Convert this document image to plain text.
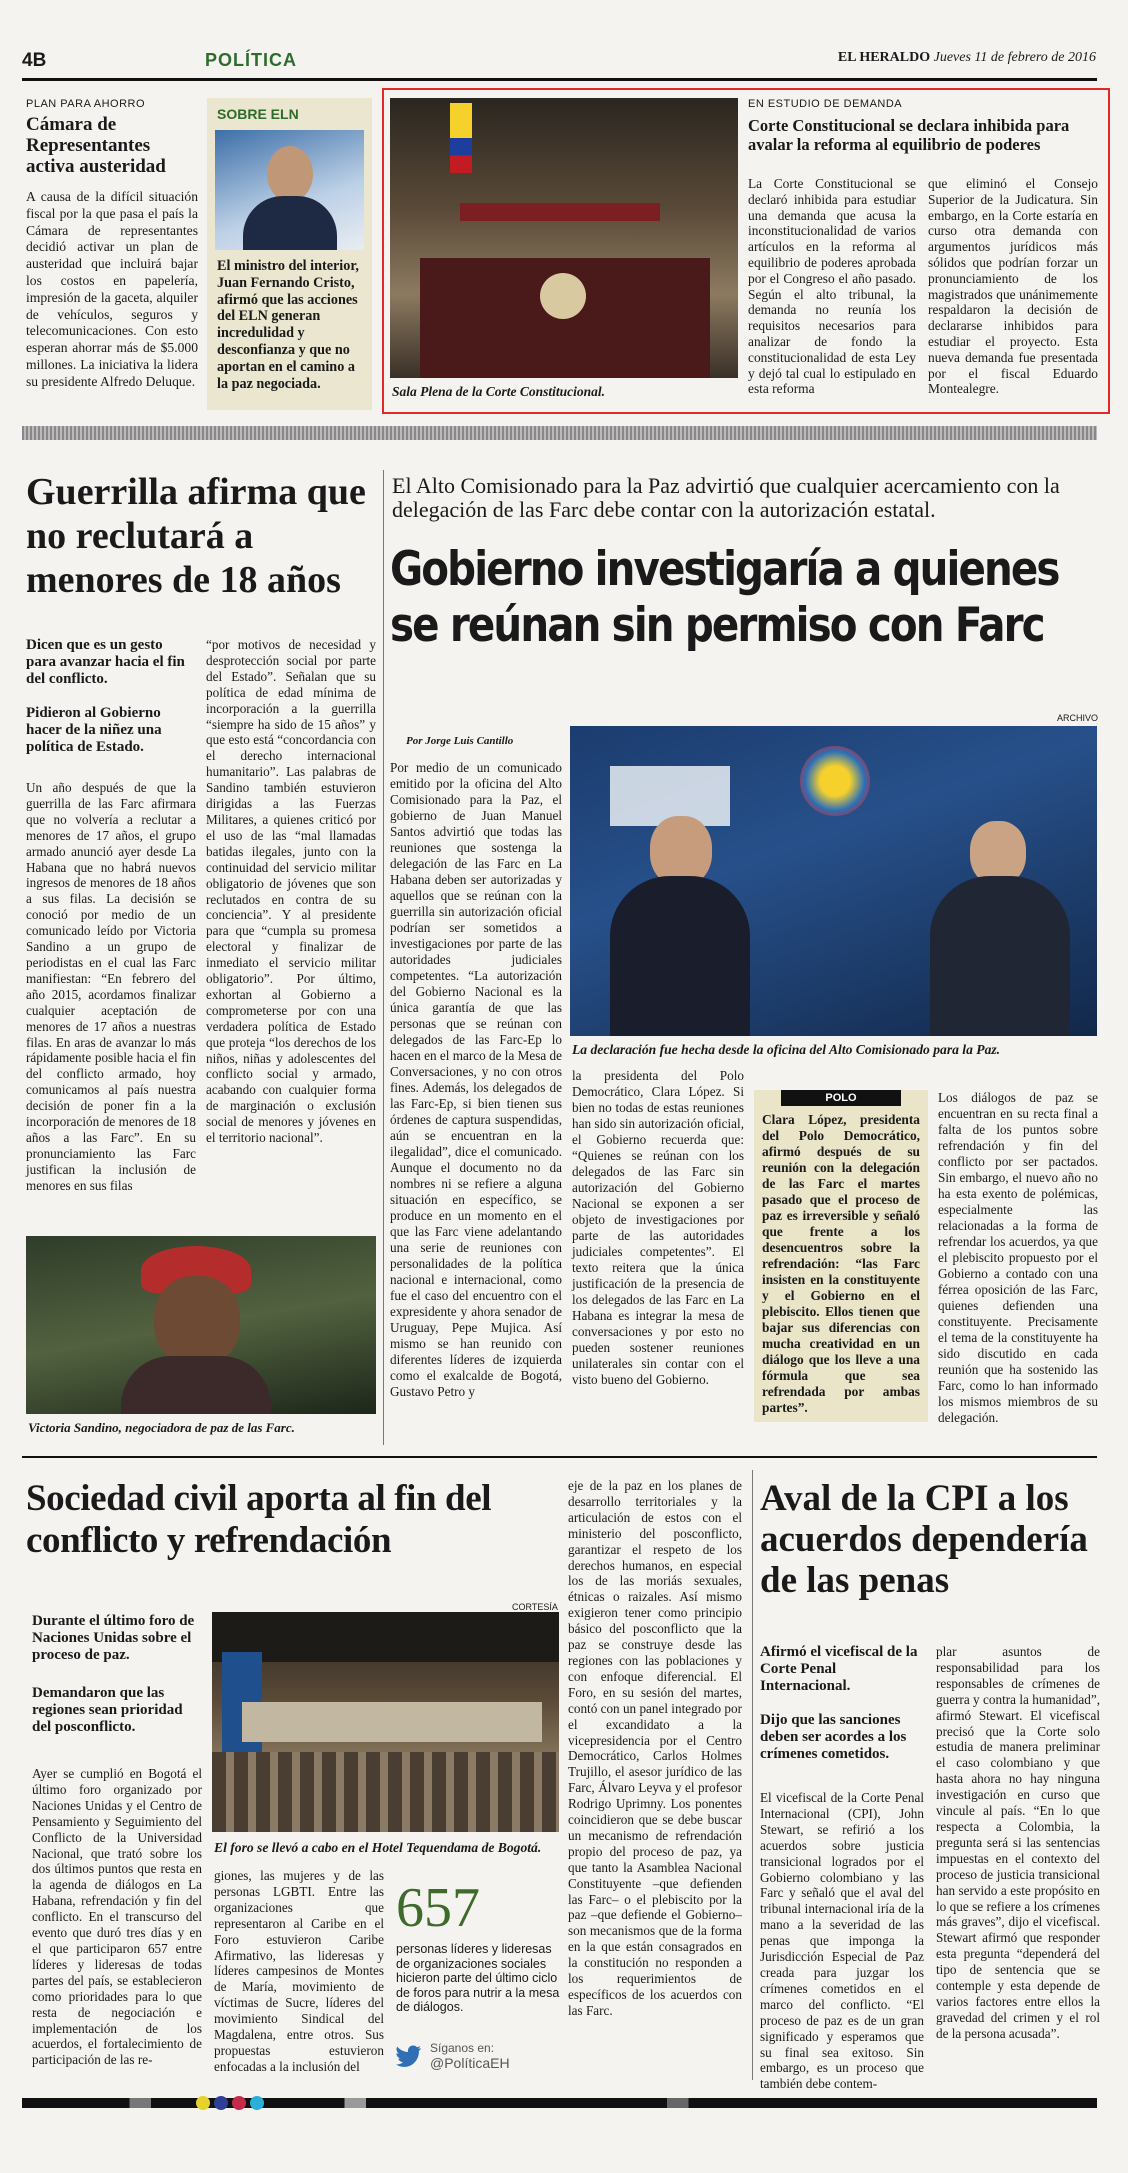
4B	POLÍTICA	EL HERALDO Jueves 11 de febrero de 2016
PLAN PARA AHORRO
Cámara de Representantes activa austeridad
A causa de la difícil situación fiscal por la que pasa el país la Cámara de representantes decidió activar un plan de austeridad que incluirá bajar los costos en papelería, impresión de la gaceta, alquiler de vehículos, seguros y telecomunicaciones. Con esto esperan ahorrar más de $5.000 millones. La iniciativa la lidera su presidente Alfredo Deluque.
SOBRE ELN
El ministro del interior, Juan Fernando Cristo, afirmó que las acciones del ELN generan incredulidad y desconfianza y que no aportan en el camino a la paz negociada.	Sala Plena de la Corte Constitucional.
EN ESTUDIO DE DEMANDA
Corte Constitucional se declara inhibida para avalar la reforma al equilibrio de poderes
La Corte Constitucional se declaró inhibida para estudiar una demanda que acusa la inconstitucionalidad de varios artículos en la reforma al equilibrio de poderes aprobada por el Congreso el año pasado. Según el alto tribunal, la demanda no reunía los requisitos necesarios para analizar de fondo la constitucionalidad de esta Ley y dejó tal cual lo estipulado en esta reforma
que eliminó el Consejo Superior de la Judicatura. Sin embargo, en la Corte estaría en curso otra demanda con argumentos jurídicos más sólidos que podrían forzar un pronunciamiento de los magistrados que unánimemente respaldaron la decisión de declararse inhibidos para estudiar el proyecto. Esta nueva demanda fue presentada por el fiscal Eduardo Montealegre.
Guerrilla afirma que no reclutará a menores de 18 años
Dicen que es un gesto para avanzar hacia el fin del conflicto.
Pidieron al Gobierno hacer de la niñez una política de Estado.
Un año después de que la guerrilla de las Farc afirmara que no volvería a reclutar a menores de 17 años, el grupo armado anunció ayer desde La Habana que no habrá nuevos ingresos de menores de 18 años a sus filas. La decisión se conoció por medio de un comunicado leído por Victoria Sandino a un grupo de periodistas en el cual las Farc manifiestan: “En febrero del año 2015, acordamos finalizar cualquier aceptación de menores de 17 años a nuestras filas. En aras de avanzar lo más rápidamente posible hacia el fin del conflicto armado, hoy comunicamos al país nuestra decisión de poner fin a la incorporación de menores de 18 años a las Farc”. En su pronunciamiento las Farc justifican la inclusión de menores en sus filas
“por motivos de necesidad y desprotección social por parte del Estado”. Señalan que su política de edad mínima de incorporación a la guerrilla “siempre ha sido de 15 años” y que esto está “concordancia con el derecho internacional humanitario”. Las palabras de Sandino también estuvieron dirigidas a las Fuerzas Militares, a quienes criticó por el uso de las “mal llamadas batidas ilegales, junto con la continuidad del servicio militar obligatorio de jóvenes que son reclutados en contra de su conciencia”. Y al presidente para que “cumpla su promesa electoral y finalizar de inmediato el servicio militar obligatorio”. Por último, exhortan al Gobierno a comprometerse por con una verdadera política de Estado que proteja “los derechos de los niños, niñas y adolescentes del conflicto social y armado, acabando con cualquier forma de marginación o exclusión social de menores y jóvenes en el territorio nacional”.
Victoria Sandino, negociadora de paz de las Farc.
El Alto Comisionado para la Paz advirtió que cualquier acercamiento con la delegación de las Farc debe contar con la autorización estatal.
Gobierno investigaría a quienes se reúnan sin permiso con Farc
ARCHIVO
Por Jorge Luis Cantillo
La declaración fue hecha desde la oficina del Alto Comisionado para la Paz.
Por medio de un comunicado emitido por la oficina del Alto Comisionado para la Paz, el gobierno de Juan Manuel Santos advirtió que todas las reuniones que sostenga la delegación de las Farc en La Habana deben ser autorizadas y aquellos que se reúnan con la guerrilla sin autorización oficial podrían ser sometidos a investigaciones por parte de las autoridades judiciales competentes. “La autorización del Gobierno Nacional es la única garantía de que las personas que se reúnan con delegados de las Farc-Ep lo hacen en el marco de la Mesa de Conversaciones, y no con otros fines. Además, los delegados de las Farc-Ep, si bien tienen sus órdenes de captura suspendidas, aún se encuentran en la ilegalidad”, dice el comunicado. Aunque el documento no da nombres ni se refiere a alguna situación en específico, se produce en un momento en el que las Farc viene adelantando una serie de reuniones con personalidades de la política nacional e internacional, como fue el caso del encuentro con el expresidente y ahora senador de Uruguay, Pepe Mujica. Así mismo se han reunido con diferentes líderes de izquierda como el exalcalde de Bogotá, Gustavo Petro y
la presidenta del Polo Democrático, Clara López. Si bien no todas de estas reuniones han sido sin autorización oficial, el Gobierno recuerda que: “Quienes se reúnan con los delegados de las Farc sin autorización del Gobierno Nacional se exponen a ser objeto de investigaciones por parte de las autoridades judiciales competentes”. El texto reitera que la única justificación de la presencia de los delegados de las Farc en La Habana es integrar la mesa de conversaciones y por esto no pueden sostener reuniones unilaterales sin contar con el visto bueno del Gobierno.
POLO
Clara López, presidenta del Polo Democrático, afirmó después de su reunión con la delegación de las Farc el martes pasado que el proceso de paz es irreversible y señaló que frente a los desencuentros sobre la refrendación: “las Farc insisten en la constituyente y el Gobierno en el plebiscito. Ellos tienen que bajar sus diferencias con mucha creatividad en un diálogo que los lleve a una fórmula que sea refrendada por ambas partes”.
Los diálogos de paz se encuentran en su recta final a falta de los puntos sobre refrendación y fin del conflicto por ser pactados. Sin embargo, el nuevo año no ha esta exento de polémicas, especialmente las relacionadas a la forma de refrendar los acuerdos, ya que el plebiscito propuesto por el Gobierno a contado con una férrea oposición de las Farc, quienes defienden una constituyente. Precisamente el tema de la constituyente ha sido discutido en cada reunión que ha sostenido las Farc, como lo han informado los mismos miembros de su delegación.
Sociedad civil aporta al fin del conflicto y refrendación
Durante el último foro de Naciones Unidas sobre el proceso de paz.
Demandaron que las regiones sean prioridad del posconflicto.
CORTESÍA
El foro se llevó a cabo en el Hotel Tequendama de Bogotá.
Ayer se cumplió en Bogotá el último foro organizado por Naciones Unidas y el Centro de Pensamiento y Seguimiento del Conflicto de la Universidad Nacional, que trató sobre los dos últimos puntos que resta en la agenda de diálogos en La Habana, refrendación y fin del conflicto. En el transcurso del evento que duró tres días y en el que participaron 657 entre líderes y lideresas de todas partes del país, se establecieron como prioridades para lo que resta de negociación e implementación de los acuerdos, el fortalecimiento de participación de las re-
giones, las mujeres y de las personas LGBTI. Entre las organizaciones que representaron al Caribe en el Foro estuvieron Caribe Afirmativo, las lideresas y líderes campesinos de Montes de María, movimiento de víctimas de Sucre, líderes del movimiento Sindical del Magdalena, entre otros. Sus propuestas estuvieron enfocadas a la inclusión del
657
personas líderes y lideresas de organizaciones sociales hicieron parte del último ciclo de foros para nutrir a la mesa de diálogos.
Síganos en:
@PolíticaEH
eje de la paz en los planes de desarrollo territoriales y la articulación de estos con el ministerio del posconflicto, garantizar el respeto de los derechos humanos, en especial los de las moriás sexuales, étnicas o raizales. Así mismo exigieron tener como principio básico del posconflicto que la paz se construye desde las regiones con las poblaciones y con enfoque diferencial. El Foro, en su sesión del martes, contó con un panel integrado por el excandidato a la vicepresidencia por el Centro Democrático, Carlos Holmes Trujillo, el asesor jurídico de las Farc, Álvaro Leyva y el profesor Rodrigo Uprimny. Los ponentes coincidieron que se debe buscar un mecanismo de refrendación propio del proceso de paz, ya que tanto la Asamblea Nacional Constituyente –que defienden las Farc– o el plebiscito por la paz –que defiende el Gobierno– son mecanismos que de la forma en la que están consagrados en la constitución no responden a los requerimientos de específicos de los acuerdos con las Farc.
Aval de la CPI a los acuerdos dependería de las penas
Afirmó el vicefiscal de la Corte Penal Internacional.
Dijo que las sanciones deben ser acordes a los crímenes cometidos.
El vicefiscal de la Corte Penal Internacional (CPI), John Stewart, se refirió a los acuerdos sobre justicia transicional logrados por el Gobierno colombiano y las Farc y señaló que el aval del tribunal internacional iría de la mano a la severidad de las penas que imponga la Jurisdicción Especial de Paz creada para juzgar los crímenes cometidos en el marco del conflicto. “El proceso de paz es de un gran significado y esperamos que su final sea exitoso. Sin embargo, es un proceso que también debe contem-
plar asuntos de responsabilidad para los responsables de crímenes de guerra y contra la humanidad”, afirmó Stewart. El vicefiscal precisó que la Corte solo estudia de manera preliminar el caso colombiano y que hasta ahora no hay ninguna investigación en curso que vincule al país. “En lo que respecta a Colombia, la pregunta será si las sentencias impuestas en el contexto del proceso de justicia transicional han servido a este propósito en lo que se refiere a los crímenes más graves”, dijo el vicefiscal. Stewart afirmó que responder esta pregunta “dependerá del tipo de sentencia que se contemple y esta depende de varios factores entre ellos la gravedad del crimen y el rol de la persona acusada”.
